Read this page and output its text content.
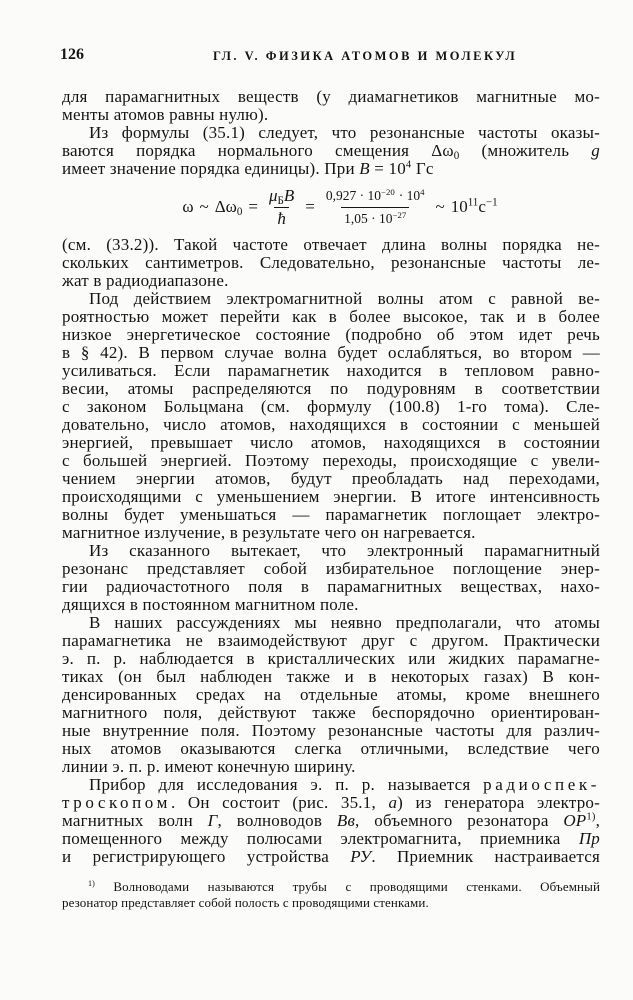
126	ГЛ. V. ФИЗИКА АТОМОВ И МОЛЕКУЛ
для парамагнитных веществ (у диамагнетиков магнитные мо-
менты атомов равны нулю).
Из формулы (35.1) следует, что резонансные частоты оказы-
ваются порядка нормального смещения Δω0 (множитель g
имеет значение порядка единицы). При $B = 10^4$ Гс
ω ~ $\Delta\omega 0 = \frac{\text{μБB}}{ħ} = \frac{0,927 \cdot 10^{-20} \cdot 10^4}{1,05 \cdot 10^{-27}}$ ~ $10^{11}с^{-1}$
(см. (33.2)). Такой частоте отвечает длина волны порядка не-
скольких сантиметров. Следовательно, резонансные частоты ле-
жат в радиодиапазоне.
Под действием электромагнитной волны атом с равной ве-
роятностью может перейти как в более высокое, так и в более
низкое энергетическое состояние (подробно об этом идет речь
в § 42). В первом случае волна будет ослабляться, во втором —
усиливаться. Если парамагнетик находится в тепловом равно-
весии, атомы распределяются по подуровням в соответствии
с законом Больцмана (см. формулу (100.8) 1-го тома). Сле-
довательно, число атомов, находящихся в состоянии с меньшей
энергией, превышает число атомов, находящихся в состоянии
с большей энергией. Поэтому переходы, происходящие с увели-
чением энергии атомов, будут преобладать над переходами,
происходящими с уменьшением энергии. В итоге интенсивность
волны будет уменьшаться — парамагнетик поглощает электро-
магнитное излучение, в результате чего он нагревается.
Из сказанного вытекает, что электронный парамагнитный
резонанс представляет собой избирательное поглощение энер-
гии радиочастотного поля в парамагнитных веществах, нахо-
дящихся в постоянном магнитном поле.
В наших рассуждениях мы неявно предполагали, что атомы
парамагнетика не взаимодействуют друг с другом. Практически
э. п. р. наблюдается в кристаллических или жидких парамагне-
тиках (он был наблюден также и в некоторых газах) В кон-
денсированных средах на отдельные атомы, кроме внешнего
магнитного поля, действуют также беспорядочно ориентирован-
ные внутренние поля. Поэтому резонансные частоты для различ-
ных атомов оказываются слегка отличными, вследствие чего
линии э. п. р. имеют конечную ширину.
Прибор для исследования э. п. р. называется радиоспек-
троскопом. Он состоит (рис. 35.1, а) из генератора электро-
магнитных волн Г, волноводов Вв, объемного резонатора ОР$^{1)}$,
помещенного между полюсами электромагнита, приемника Пр
и регистрирующего устройства РУ. Приемник настраивается
$^{1)}$ Волноводами называются трубы с проводящими стенками. Объемный
резонатор представляет собой полость с проводящими стенками.
